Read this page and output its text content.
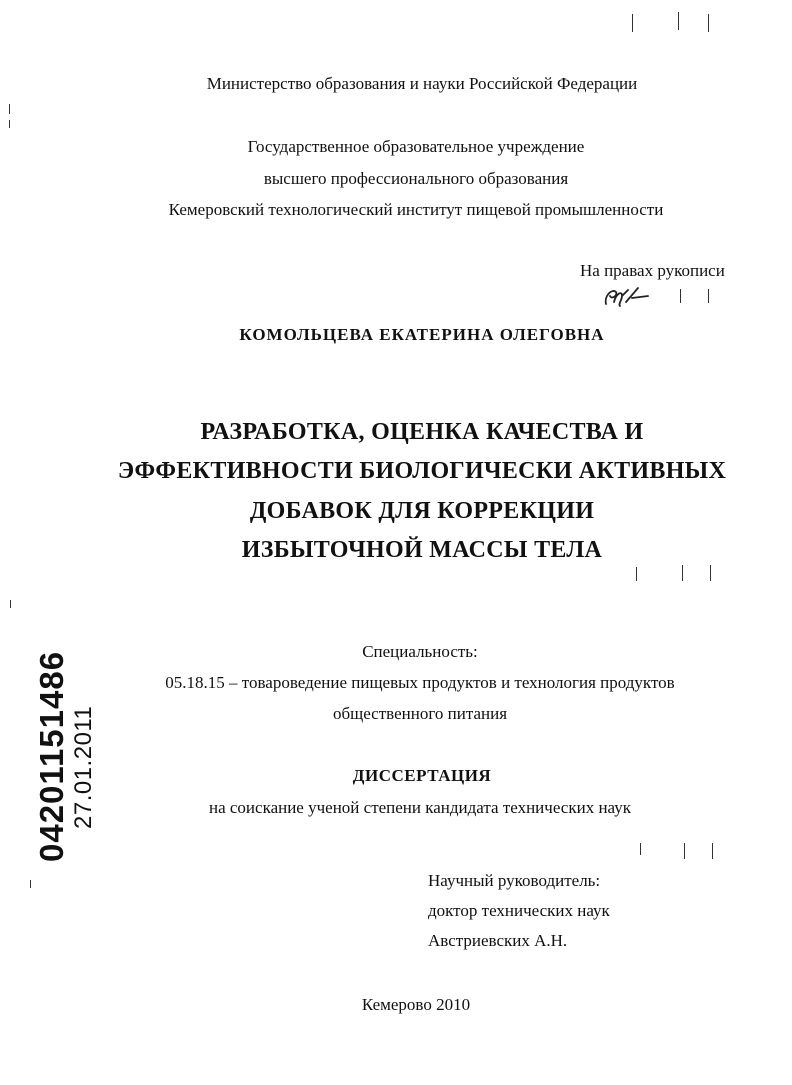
Министерство образования и науки Российской Федерации
Государственное образовательное учреждение
высшего профессионального образования
Кемеровский технологический институт пищевой промышленности
На правах рукописи
КОМОЛЬЦЕВА ЕКАТЕРИНА ОЛЕГОВНА
РАЗРАБОТКА, ОЦЕНКА КАЧЕСТВА И
ЭФФЕКТИВНОСТИ БИОЛОГИЧЕСКИ АКТИВНЫХ
ДОБАВОК ДЛЯ КОРРЕКЦИИ
ИЗБЫТОЧНОЙ МАССЫ ТЕЛА
Специальность:
05.18.15 – товароведение пищевых продуктов и технология продуктов
общественного питания
ДИССЕРТАЦИЯ
на соискание ученой степени кандидата технических наук
Научный руководитель:
доктор технических наук
Австриевских А.Н.
Кемерово 2010
04201151486 27.01.2011
